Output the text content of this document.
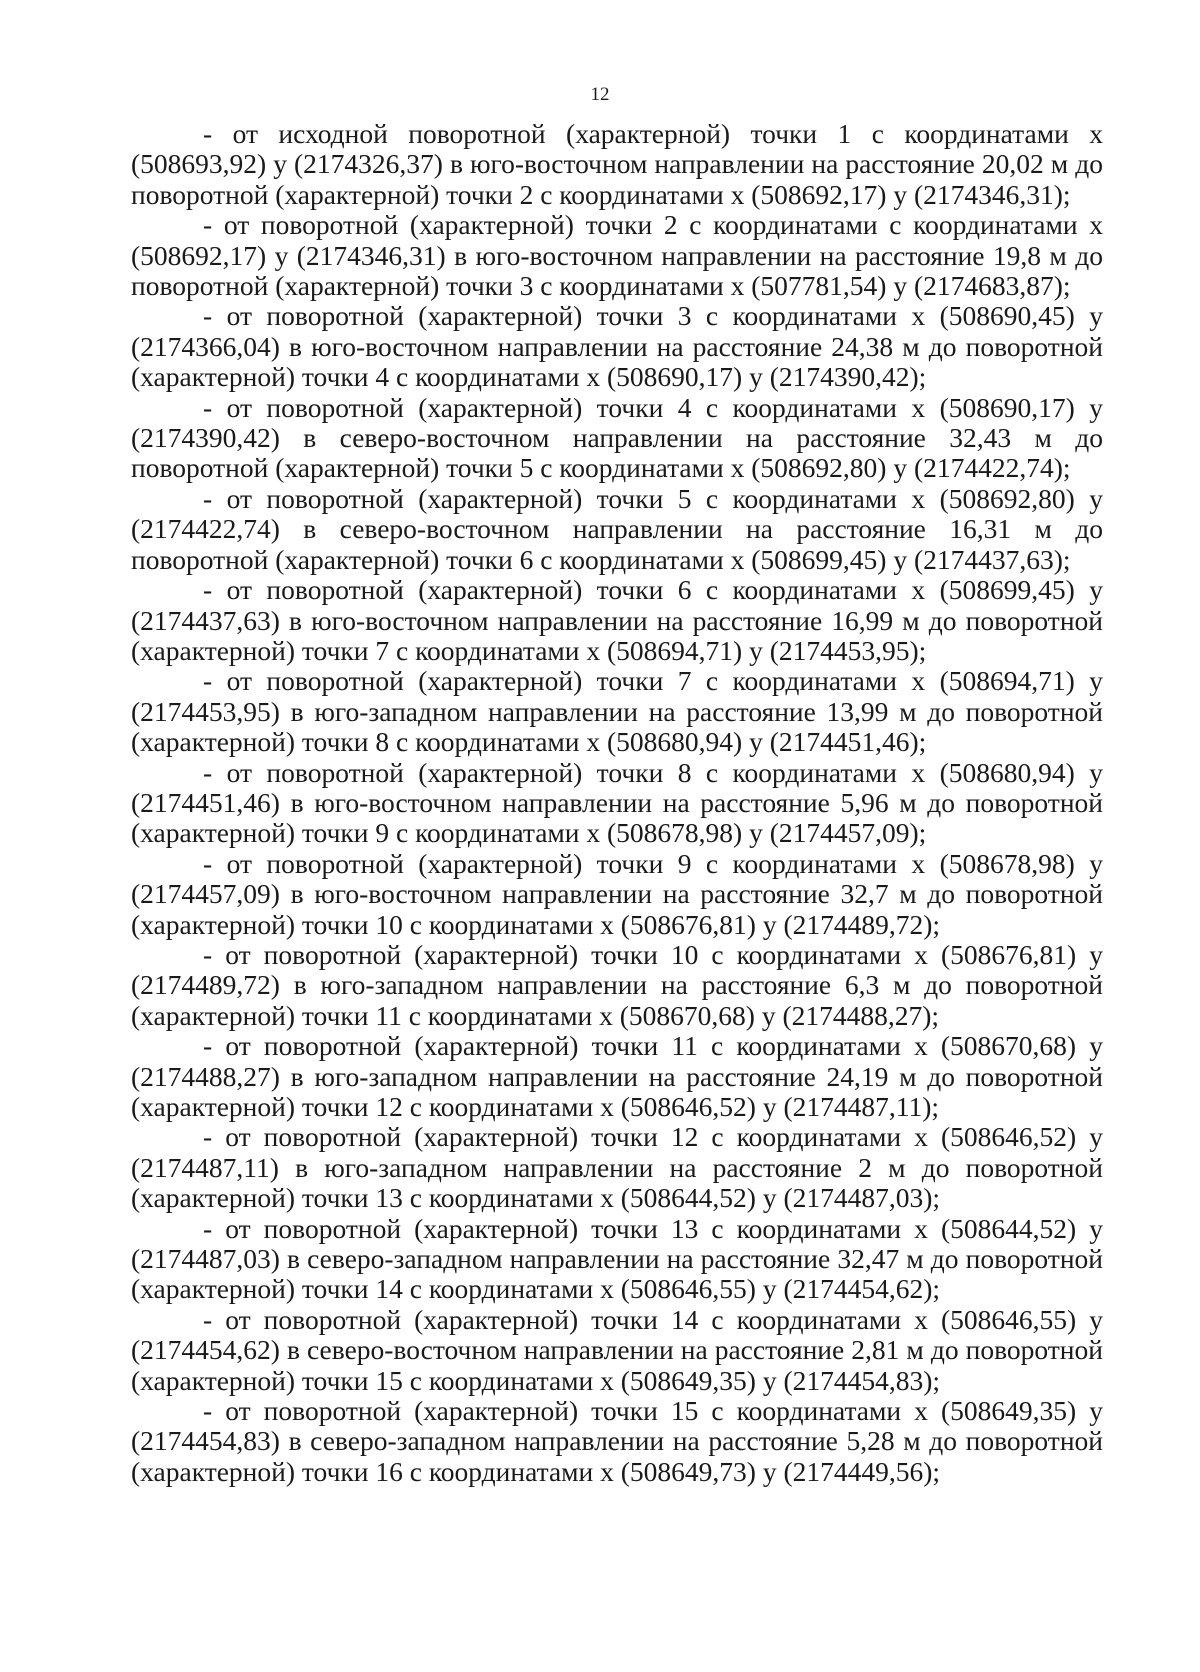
12

- от исходной поворотной (характерной) точки 1 с координатами х (508693,92) у (2174326,37) в юго-восточном направлении на расстояние 20,02 м до поворотной (характерной) точки 2 с координатами х (508692,17) у (2174346,31);

- от поворотной (характерной) точки 2 с координатами с координатами х (508692,17) у (2174346,31) в юго-восточном направлении на расстояние 19,8 м до поворотной (характерной) точки 3 с координатами х (507781,54) у (2174683,87);

- от поворотной (характерной) точки 3 с координатами х (508690,45) у (2174366,04) в юго-восточном направлении на расстояние 24,38 м до поворотной (характерной) точки 4 с координатами х (508690,17) у (2174390,42);

- от поворотной (характерной) точки 4 с координатами х (508690,17) у (2174390,42) в северо-восточном направлении на расстояние 32,43 м до поворотной (характерной) точки 5 с координатами х (508692,80) у (2174422,74);

- от поворотной (характерной) точки 5 с координатами х (508692,80) у (2174422,74) в северо-восточном направлении на расстояние 16,31 м до поворотной (характерной) точки 6 с координатами х (508699,45) у (2174437,63);

- от поворотной (характерной) точки 6 с координатами х (508699,45) у (2174437,63) в юго-восточном направлении на расстояние 16,99 м до поворотной (характерной) точки 7 с координатами х (508694,71) у (2174453,95);

- от поворотной (характерной) точки 7 с координатами х (508694,71) у (2174453,95) в юго-западном направлении на расстояние 13,99 м до поворотной (характерной) точки 8 с координатами х (508680,94) у (2174451,46);

- от поворотной (характерной) точки 8 с координатами х (508680,94) у (2174451,46) в юго-восточном направлении на расстояние 5,96 м до поворотной (характерной) точки 9 с координатами х (508678,98) у (2174457,09);

- от поворотной (характерной) точки 9 с координатами х (508678,98) у (2174457,09) в юго-восточном направлении на расстояние 32,7 м до поворотной (характерной) точки 10 с координатами х (508676,81) у (2174489,72);

- от поворотной (характерной) точки 10 с координатами х (508676,81) у (2174489,72) в юго-западном направлении на расстояние 6,3 м до поворотной (характерной) точки 11 с координатами х (508670,68) у (2174488,27);

- от поворотной (характерной) точки 11 с координатами х (508670,68) у (2174488,27) в юго-западном направлении на расстояние 24,19 м до поворотной (характерной) точки 12 с координатами х (508646,52) у (2174487,11);

- от поворотной (характерной) точки 12 с координатами х (508646,52) у (2174487,11) в юго-западном направлении на расстояние 2 м до поворотной (характерной) точки 13 с координатами х (508644,52) у (2174487,03);

- от поворотной (характерной) точки 13 с координатами х (508644,52) у (2174487,03) в северо-западном направлении на расстояние 32,47 м до поворотной (характерной) точки 14 с координатами х (508646,55) у (2174454,62);

- от поворотной (характерной) точки 14 с координатами х (508646,55) у (2174454,62) в северо-восточном направлении на расстояние 2,81 м до поворотной (характерной) точки 15 с координатами х (508649,35) у (2174454,83);

- от поворотной (характерной) точки 15 с координатами х (508649,35) у (2174454,83) в северо-западном направлении на расстояние 5,28 м до поворотной (характерной) точки 16 с координатами х (508649,73) у (2174449,56);
